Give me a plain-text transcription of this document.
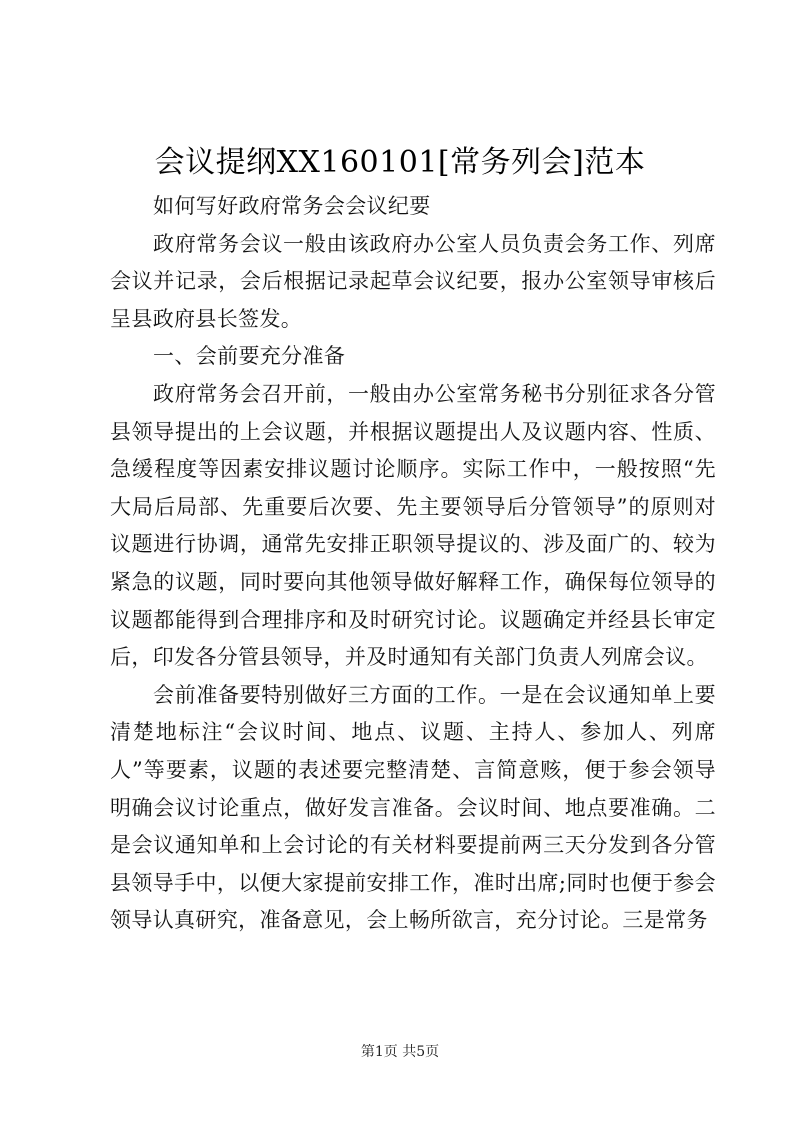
会议提纲XX160101[常务列会]范本

如何写好政府常务会会议纪要

政府常务会议一般由该政府办公室人员负责会务工作、列席会议并记录，会后根据记录起草会议纪要，报办公室领导审核后呈县政府县长签发。

一、会前要充分准备

政府常务会召开前，一般由办公室常务秘书分别征求各分管县领导提出的上会议题，并根据议题提出人及议题内容、性质、急缓程度等因素安排议题讨论顺序。实际工作中，一般按照“先大局后局部、先重要后次要、先主要领导后分管领导”的原则对议题进行协调，通常先安排正职领导提议的、涉及面广的、较为紧急的议题，同时要向其他领导做好解释工作，确保每位领导的议题都能得到合理排序和及时研究讨论。议题确定并经县长审定后，印发各分管县领导，并及时通知有关部门负责人列席会议。

会前准备要特别做好三方面的工作。一是在会议通知单上要清楚地标注“会议时间、地点、议题、主持人、参加人、列席人”等要素，议题的表述要完整清楚、言简意赅，便于参会领导明确会议讨论重点，做好发言准备。会议时间、地点要准确。二是会议通知单和上会讨论的有关材料要提前两三天分发到各分管县领导手中，以便大家提前安排工作，准时出席;同时也便于参会领导认真研究，准备意见，会上畅所欲言，充分讨论。三是常务

第1页 共5页
